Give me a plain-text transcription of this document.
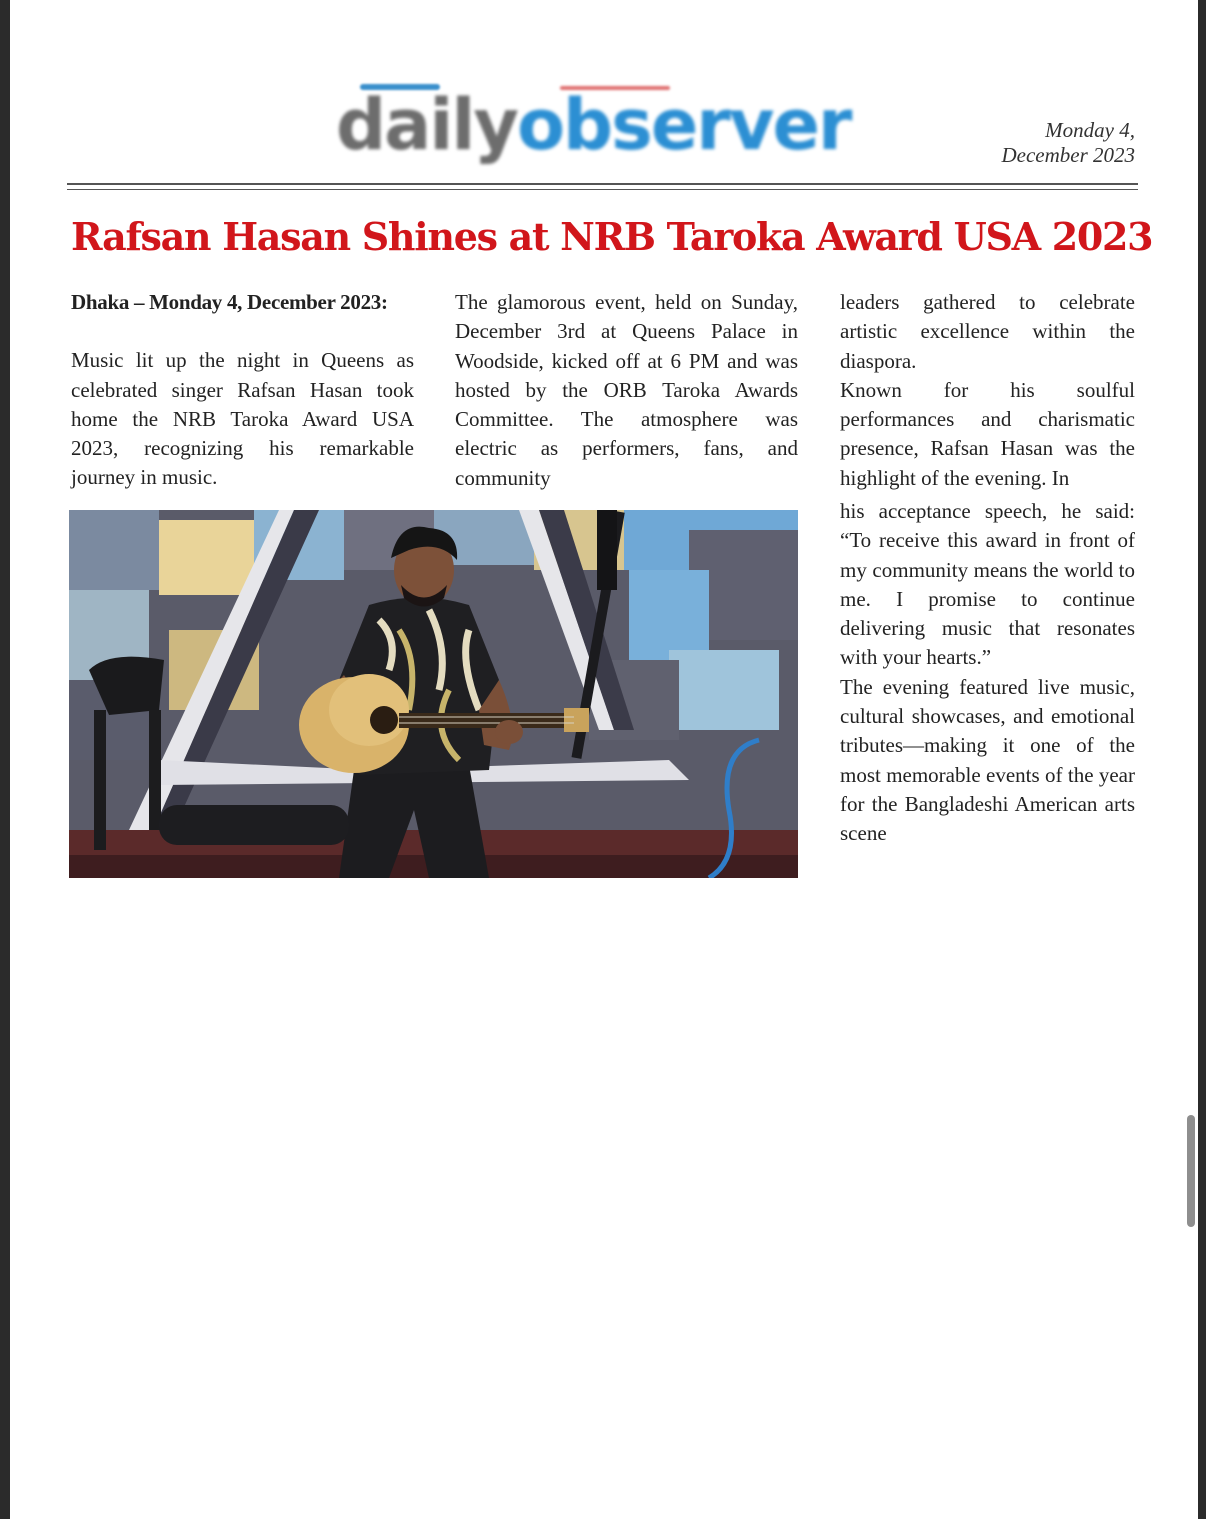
dailyobserver	Monday 4,
December 2023
Rafsan Hasan Shines at NRB Taroka Award USA 2023

Dhaka – Monday 4, December 2023:

Music lit up the night in Queens as celebrated singer Rafsan Hasan took home the NRB Taroka Award USA 2023, recognizing his remarkable journey in music.

The glamorous event, held on Sunday, December 3rd at Queens Palace in Woodside, kicked off at 6 PM and was hosted by the ORB Taroka Awards Committee. The atmosphere was electric as performers, fans, and community

leaders gathered to celebrate artistic excellence within the diaspora.

Known for his soulful performances and charismatic presence, Rafsan Hasan was the highlight of the evening. In

his acceptance speech, he said: “To receive this award in front of my community means the world to me. I promise to continue delivering music that resonates with your hearts.”

The evening featured live music, cultural showcases, and emotional tributes—making it one of the most memorable events of the year for the Bangladeshi American arts scene
